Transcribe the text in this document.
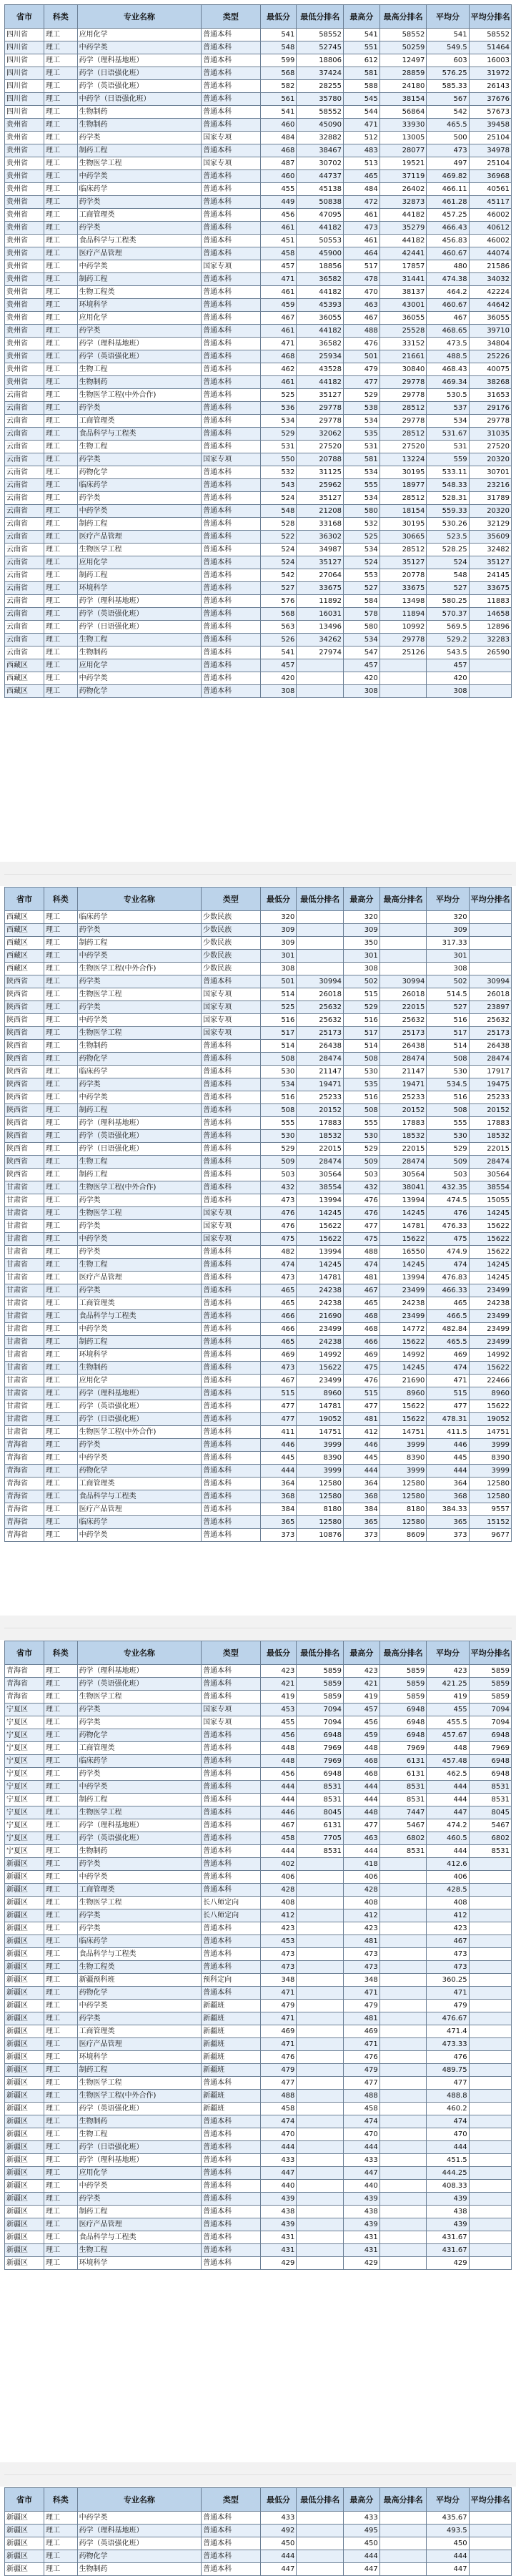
省市	科类	专业名称	类型	最低分	最低分排名	最高分	最高分排名	平均分	平均分排名
四川省	理工	应用化学	普通本科	541	58552	541	58552	541	58552
四川省	理工	中药学类	普通本科	548	52745	551	50259	549.5	51464
四川省	理工	药学（理科基地班）	普通本科	599	18806	612	12497	603	16003
四川省	理工	药学（日语强化班）	普通本科	568	37424	581	28859	576.25	31972
四川省	理工	药学（英语强化班）	普通本科	582	28255	588	24180	585.33	26143
四川省	理工	中药学（日语强化班）	普通本科	561	35780	545	38154	567	37676
四川省	理工	生物制药	普通本科	541	58552	544	56864	542	57673
贵州省	理工	生物制药	普通本科	460	45090	471	33930	465.5	39458
贵州省	理工	药学类	国家专项	484	32882	512	13005	500	25104
贵州省	理工	制药工程	普通本科	468	38467	483	28077	473	34978
贵州省	理工	生物医学工程	国家专项	487	30702	513	19521	497	25104
贵州省	理工	中药学类	普通本科	460	44737	465	37119	469.82	36968
贵州省	理工	临床药学	普通本科	455	45138	484	26402	466.11	40561
贵州省	理工	药学类	普通本科	449	50838	472	32873	461.28	45117
贵州省	理工	工商管理类	普通本科	456	47095	461	44182	457.25	46002
贵州省	理工	药学类	普通本科	461	44182	473	35279	466.43	40612
贵州省	理工	食品科学与工程类	普通本科	451	50553	461	44182	456.83	46002
贵州省	理工	医疗产品管理	普通本科	458	45900	464	42441	460.67	44074
贵州省	理工	中药学类	国家专项	457	18856	517	17857	480	21586
贵州省	理工	制药工程	普通本科	471	36582	478	31441	474.38	34032
贵州省	理工	生物工程类	普通本科	461	44182	470	38137	464.2	42224
贵州省	理工	环境科学	普通本科	459	45393	463	43001	460.67	44642
贵州省	理工	应用化学	普通本科	467	36055	467	36055	467	36055
贵州省	理工	药学类	普通本科	461	44182	488	25528	468.65	39710
贵州省	理工	药学（理科基地班）	普通本科	471	36582	476	33152	473.5	34804
贵州省	理工	药学（英语强化班）	普通本科	468	25934	501	21661	488.5	25226
贵州省	理工	生物工程	普通本科	462	43528	479	30840	468.43	40075
贵州省	理工	生物制药	普通本科	461	44182	477	29778	469.34	38268
云南省	理工	生物医学工程(中外合作)	普通本科	525	35127	529	29778	530.5	31653
云南省	理工	药学类	普通本科	536	29778	538	28512	537	29176
云南省	理工	工商管理类	普通本科	534	29778	534	29778	534	29778
云南省	理工	食品科学与工程类	普通本科	529	32062	535	28512	531.67	31035
云南省	理工	生物工程	普通本科	531	27520	531	27520	531	27520
云南省	理工	药学类	国家专项	550	20788	581	13224	559	20320
云南省	理工	药物化学	普通本科	532	31125	534	30195	533.11	30701
云南省	理工	临床药学	普通本科	543	25962	555	18977	548.33	23216
云南省	理工	药学类	普通本科	524	35127	534	28512	528.31	31789
云南省	理工	中药学类	普通本科	548	21208	580	18154	559.33	20320
云南省	理工	制药工程	普通本科	528	33168	532	30195	530.26	32129
云南省	理工	医疗产品管理	普通本科	522	36302	525	30665	523.5	35609
云南省	理工	生物医学工程	普通本科	524	34987	534	28512	528.25	32482
云南省	理工	应用化学	普通本科	524	35127	524	35127	524	35127
云南省	理工	制药工程	普通本科	542	27064	553	20778	548	24145
云南省	理工	环境科学	普通本科	527	33675	527	33675	527	33675
云南省	理工	药学（理科基地班）	普通本科	576	11892	584	13498	580.25	11883
云南省	理工	药学（英语强化班）	普通本科	568	16031	578	11894	570.37	14658
云南省	理工	药学（日语强化班）	普通本科	563	13496	580	10992	569.5	12896
云南省	理工	生物工程	普通本科	526	34262	534	29778	529.2	32283
云南省	理工	生物制药	普通本科	541	27974	547	25126	543.5	26590
西藏区	理工	应用化学	普通本科	457		457		457	
西藏区	理工	中药学类	普通本科	420		420		420	
西藏区	理工	药物化学	普通本科	308		308		308	
省市	科类	专业名称	类型	最低分	最低分排名	最高分	最高分排名	平均分	平均分排名
西藏区	理工	临床药学	少数民族	320		320		320	
西藏区	理工	药学类	少数民族	309		309		309	
西藏区	理工	制药工程	少数民族	309		350		317.33	
西藏区	理工	中药学类	少数民族	301		301		301	
西藏区	理工	生物医学工程(中外合作)	少数民族	308		308		308	
陕西省	理工	药学类	普通本科	501	30994	502	30994	502	30994
陕西省	理工	生物医学工程	国家专项	514	26018	515	26018	514.5	26018
陕西省	理工	药学类	国家专项	525	25632	529	22015	527	23897
陕西省	理工	中药学类	国家专项	516	25632	516	25632	516	25632
陕西省	理工	生物医学工程	国家专项	517	25173	517	25173	517	25173
陕西省	理工	生物制药	普通本科	514	26438	514	26438	514	26438
陕西省	理工	药物化学	普通本科	508	28474	508	28474	508	28474
陕西省	理工	临床药学	普通本科	530	21147	530	21147	530	17917
陕西省	理工	药学类	普通本科	534	19471	535	19471	534.5	19475
陕西省	理工	中药学类	普通本科	516	25233	516	25233	516	25233
陕西省	理工	制药工程	普通本科	508	20152	508	20152	508	20152
陕西省	理工	药学（理科基地班）	普通本科	555	17883	555	17883	555	17883
陕西省	理工	药学（英语强化班）	普通本科	530	18532	530	18532	530	18532
陕西省	理工	药学（日语强化班）	普通本科	529	22015	529	22015	529	22015
陕西省	理工	生物工程	普通本科	509	28474	509	28474	509	28474
陕西省	理工	制药工程	普通本科	503	30564	503	30564	503	30564
甘肃省	理工	生物医学工程(中外合作)	普通本科	432	38554	432	38041	432.35	38554
甘肃省	理工	药学类	普通本科	473	13994	476	13994	474.5	15055
甘肃省	理工	生物医学工程	国家专项	476	14245	476	14245	476	14245
甘肃省	理工	药学类	国家专项	476	15622	477	14781	476.33	15622
甘肃省	理工	中药学类	国家专项	475	15622	475	15622	475	15622
甘肃省	理工	药学类	普通本科	482	13994	488	16550	474.9	15622
甘肃省	理工	生物工程	普通本科	474	14245	474	14245	474	14245
甘肃省	理工	医疗产品管理	普通本科	473	14781	481	13994	476.83	14245
甘肃省	理工	药学类	普通本科	465	24238	467	23499	466.33	23499
甘肃省	理工	工商管理类	普通本科	465	24238	465	24238	465	24238
甘肃省	理工	食品科学与工程类	普通本科	466	21690	468	23499	466.5	23499
甘肃省	理工	中药学类	普通本科	466	23499	468	14772	482.84	23499
甘肃省	理工	制药工程	普通本科	465	24238	466	15622	465.5	23499
甘肃省	理工	环境科学	普通本科	469	14992	469	14992	469	14992
甘肃省	理工	生物制药	普通本科	473	15622	475	14245	474	15622
甘肃省	理工	应用化学	普通本科	467	23499	476	21690	471	22466
甘肃省	理工	药学（理科基地班）	普通本科	515	8960	515	8960	515	8960
甘肃省	理工	药学（英语强化班）	普通本科	477	14781	477	15622	477	15622
甘肃省	理工	药学（日语强化班）	普通本科	477	19052	481	15622	478.31	19052
甘肃省	理工	生物医学工程(中外合作)	普通本科	411	14751	412	14751	411.5	14751
青海省	理工	药学类	普通本科	446	3999	446	3999	446	3999
青海省	理工	中药学类	普通本科	445	8390	445	8390	445	8390
青海省	理工	药物化学	普通本科	444	3999	444	3999	444	3999
青海省	理工	工商管理类	普通本科	364	12580	364	12580	364	12580
青海省	理工	食品科学与工程类	普通本科	368	12580	368	12580	368	12580
青海省	理工	医疗产品管理	普通本科	384	8180	384	8180	384.33	9557
青海省	理工	临床药学	普通本科	365	12580	365	12580	365	15152
青海省	理工	中药学类	普通本科	373	10876	373	8609	373	9677
省市	科类	专业名称	类型	最低分	最低分排名	最高分	最高分排名	平均分	平均分排名
青海省	理工	药学（理科基地班）	普通本科	423	5859	423	5859	423	5859
青海省	理工	药学（英语强化班）	普通本科	421	5859	421	5859	421.25	5859
青海省	理工	生物医学工程	普通本科	419	5859	419	5859	419	5859
宁夏区	理工	药学类	国家专项	453	7094	457	6948	455	7094
宁夏区	理工	药学类	国家专项	455	7094	456	6948	455.5	7094
宁夏区	理工	药物化学	普通本科	456	6948	459	6948	457.67	6948
宁夏区	理工	工商管理类	普通本科	448	7969	448	7969	448	7969
宁夏区	理工	临床药学	普通本科	448	7969	468	6131	457.48	6948
宁夏区	理工	药学类	普通本科	456	6948	468	6131	462.5	6948
宁夏区	理工	中药学类	普通本科	444	8531	444	8531	444	8531
宁夏区	理工	制药工程	普通本科	444	8531	444	8531	444	8531
宁夏区	理工	生物医学工程	普通本科	446	8045	448	7447	447	8045
宁夏区	理工	药学（理科基地班）	普通本科	467	6131	477	5467	474.2	5467
宁夏区	理工	药学（英语强化班）	普通本科	458	7705	463	6802	460.5	6802
宁夏区	理工	生物制药	普通本科	444	8531	444	8531	444	8531
新疆区	理工	药学类	普通本科	402		418		412.6	
新疆区	理工	中药学类	普通本科	406		406		406	
新疆区	理工	工商管理类	普通本科	428		428		428.5	
新疆区	理工	生物医学工程	长八师定向	408		408		408	
新疆区	理工	药学类	长八师定向	412		412		412	
新疆区	理工	药学类	普通本科	423		423		423	
新疆区	理工	临床药学	普通本科	453		481		467	
新疆区	理工	食品科学与工程类	普通本科	473		473		473	
新疆区	理工	生物工程类	普通本科	473		473		473	
新疆区	理工	新疆预科班	预科定向	348		348		360.25	
新疆区	理工	药物化学	普通本科	471		471		471	
新疆区	理工	中药学类	新疆班	479		479		479	
新疆区	理工	药学类	新疆班	471		481		476.67	
新疆区	理工	工商管理类	新疆班	469		469		471.4	
新疆区	理工	医疗产品管理	新疆班	471		471		473.33	
新疆区	理工	环境科学	新疆班	476		476		476	
新疆区	理工	制药工程	新疆班	479		479		489.75	
新疆区	理工	生物医学工程	普通本科	477		477		477	
新疆区	理工	生物医学工程(中外合作)	新疆班	488		488		488.8	
新疆区	理工	药学（英语强化班）	新疆班	458		458		460.2	
新疆区	理工	生物制药	普通本科	474		474		474	
新疆区	理工	生物工程	普通本科	470		470		470	
新疆区	理工	药学（日语强化班）	普通本科	444		444		444	
新疆区	理工	药学（理科基地班）	普通本科	433		433		451.5	
新疆区	理工	应用化学	普通本科	447		447		444.25	
新疆区	理工	中药学类	普通本科	440		440		408.33	
新疆区	理工	药学类	普通本科	439		439		439	
新疆区	理工	制药工程	普通本科	438		438		438	
新疆区	理工	医疗产品管理	普通本科	439		439		439	
新疆区	理工	食品科学与工程类	普通本科	431		431		431.67	
新疆区	理工	生物工程	普通本科	431		431		431.67	
新疆区	理工	环境科学	普通本科	429		429		429	
省市	科类	专业名称	类型	最低分	最低分排名	最高分	最高分排名	平均分	平均分排名
新疆区	理工	中药学类	普通本科	433		433		435.67	
新疆区	理工	药学（理科基地班）	普通本科	492		495		493.5	
新疆区	理工	药学（英语强化班）	普通本科	450		450		450	
新疆区	理工	药物化学	普通本科	444		444		444	
新疆区	理工	生物制药	普通本科	447		447		447	
